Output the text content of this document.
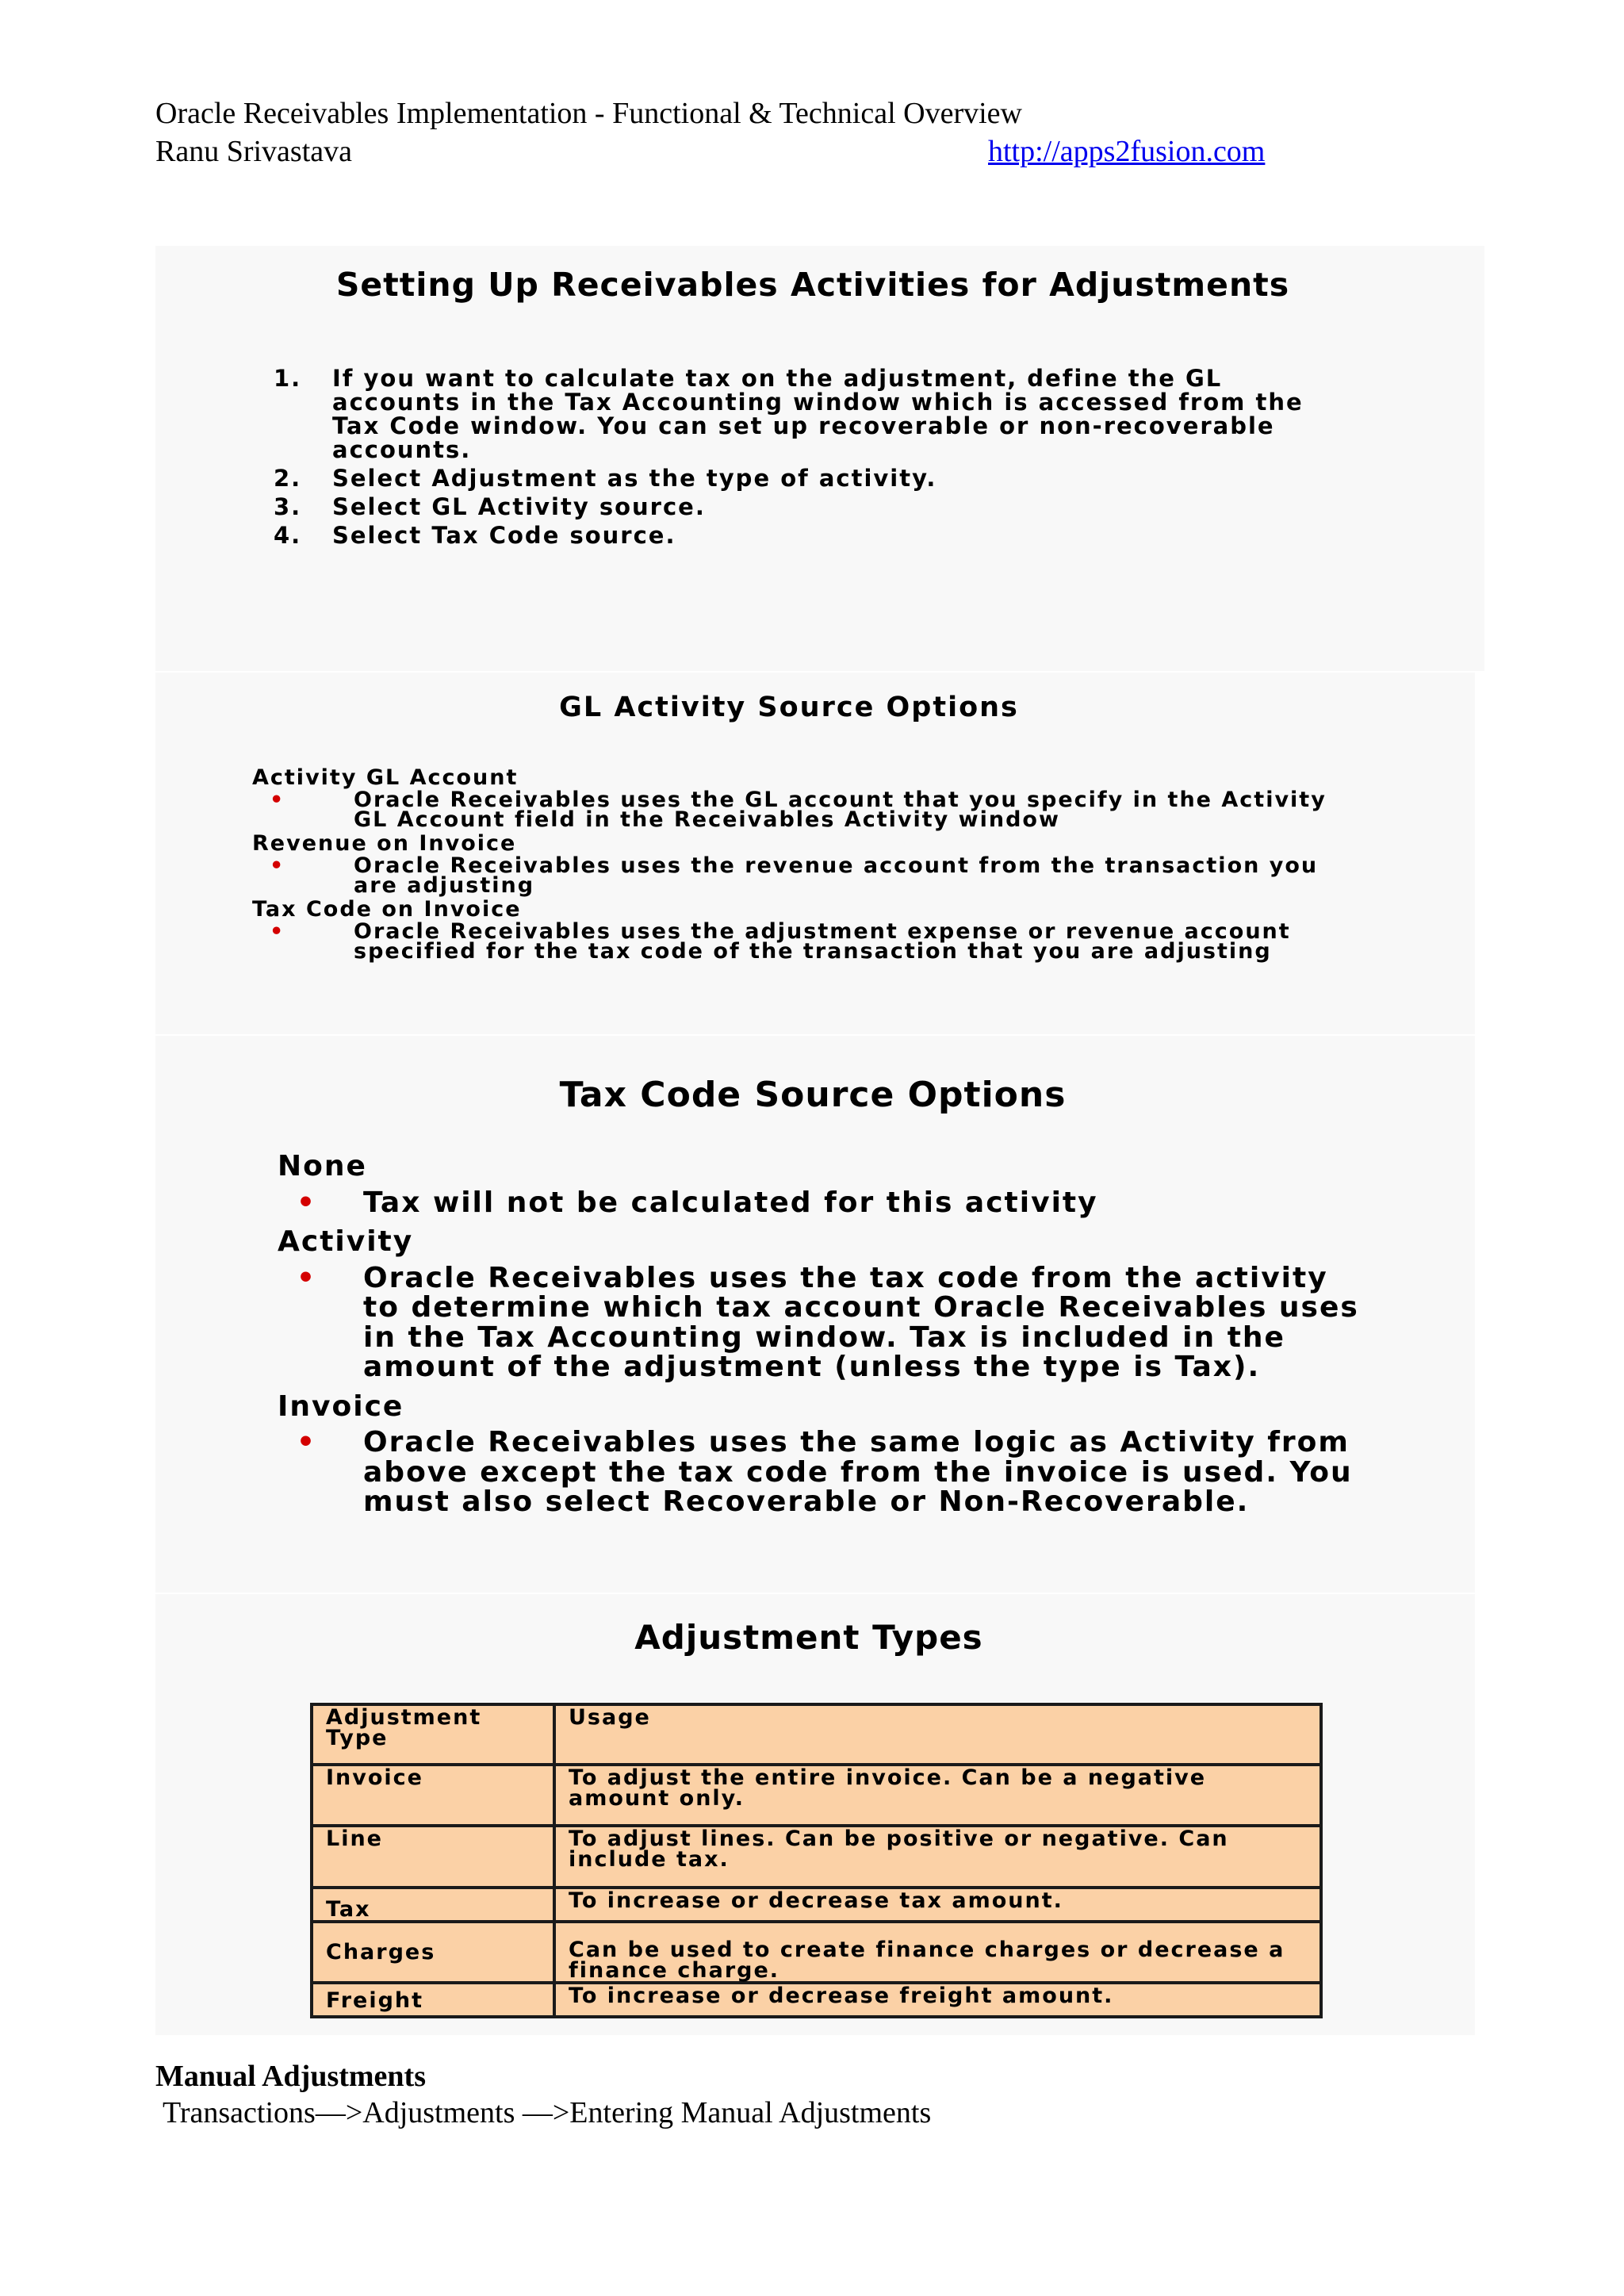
Oracle Receivables Implementation - Functional & Technical Overview
Ranu Srivastava	http://apps2fusion.com
Setting Up Receivables Activities for Adjustments
1.	If you want to calculate tax on the adjustment, define the GL accounts in the Tax Accounting window which is accessed from the Tax Code window. You can set up recoverable or non-recoverable accounts.
2.	Select Adjustment as the type of activity.
3.	Select GL Activity source.
4.	Select Tax Code source.
GL Activity Source Options

Activity GL Account

•	Oracle Receivables uses the GL account that you specify in the Activity GL Account field in the Receivables Activity window

Revenue on Invoice

•	Oracle Receivables uses the revenue account from the transaction you are adjusting

Tax Code on Invoice

•	Oracle Receivables uses the adjustment expense or revenue account specified for the tax code of the transaction that you are adjusting
Tax Code Source Options

None

•	Tax will not be calculated for this activity

Activity

•	Oracle Receivables uses the tax code from the activity to determine which tax account Oracle Receivables uses in the Tax Accounting window. Tax is included in the amount of the adjustment (unless the type is Tax).

Invoice

•	Oracle Receivables uses the same logic as Activity from above except the tax code from the invoice is used. You must also select Recoverable or Non-Recoverable.
Adjustment Types
Adjustment Type	Usage
Invoice	To adjust the entire invoice. Can be a negative amount only.
Line	To adjust lines. Can be positive or negative. Can include tax.
Tax	To increase or decrease tax amount.
Charges	Can be used to create finance charges or decrease a finance charge.
Freight	To increase or decrease freight amount.
Manual Adjustments
Transactions—>Adjustments —>Entering Manual Adjustments
